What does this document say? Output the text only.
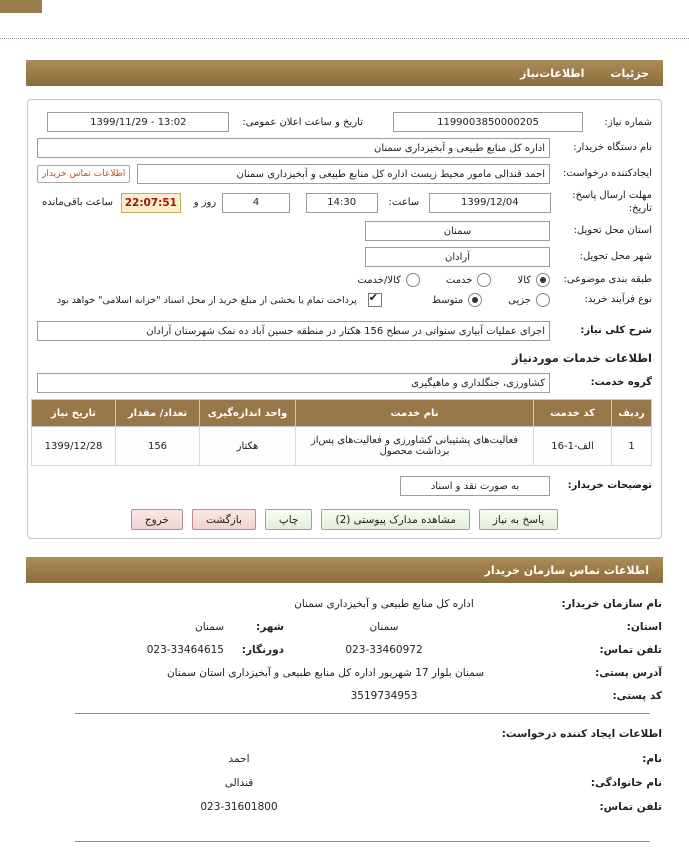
جزئیات
اطلاعات‌نیاز
شماره نیاز:
1199003850000205
تاریخ و ساعت اعلان عمومی:
1399/11/29 - 13:02
نام دستگاه خریدار:
اداره کل منابع طبیعی و آبخیزداری سمنان
ایجادکننده درخواست:
احمد قندالی مامور محیط زیست اداره کل منابع طبیعی و آبخیزداری سمنان
اطلاعات تماس خریدار
مهلت ارسال پاسخ: تاریخ:
1399/12/04
ساعت:
14:30
4
روز و
22:07:51
ساعت باقی‌مانده
استان محل تحویل:
سمنان
شهر محل تحویل:
آرادان
طبقه بندی موضوعی:
کالا
خدمت
کالا/خدمت
نوع فرآیند خرید:
جزیی
متوسط
✔
پرداخت تمام یا بخشی از مبلغ خرید از محل اسناد "خزانه اسلامی" خواهد بود
شرح کلی نیاز:
اجرای عملیات آبیاری سنواتی در سطح 156 هکتار در منطقه حسین آباد ده نمک شهرستان آرادان
اطلاعات خدمات موردنیاز
گروه خدمت:
کشاورزی، جنگلداری و ماهیگیری
ردیف	کد خدمت	نام خدمت	واحد اندازه‌گیری	تعداد/ مقدار	تاریخ نیاز
1	الف-1-16	فعالیت‌های پشتیبانی کشاورزی و فعالیت‌های پس‌از برداشت محصول	هکتار	156	1399/12/28
توضیحات خریدار:
به صورت نقد و اسناد
پاسخ به نیاز
مشاهده مدارک پیوستی (2)
چاپ
بازگشت
خروج
اطلاعات تماس سازمان خریدار
نام سازمان خریدار:
اداره کل منابع طبیعی و آبخیزداری سمنان
استان:
سمنان
شهر:
سمنان
تلفن تماس:
023-33460972
دورنگار:
023-33464615
آدرس پستی:
سمنان بلوار 17 شهریور اداره کل منابع طبیعی و آبخیزداری استان سمنان
کد پستی:
3519734953
اطلاعات ایجاد کننده درخواست:
نام:
احمد
نام خانوادگی:
قندالی
تلفن تماس:
023-31601800
